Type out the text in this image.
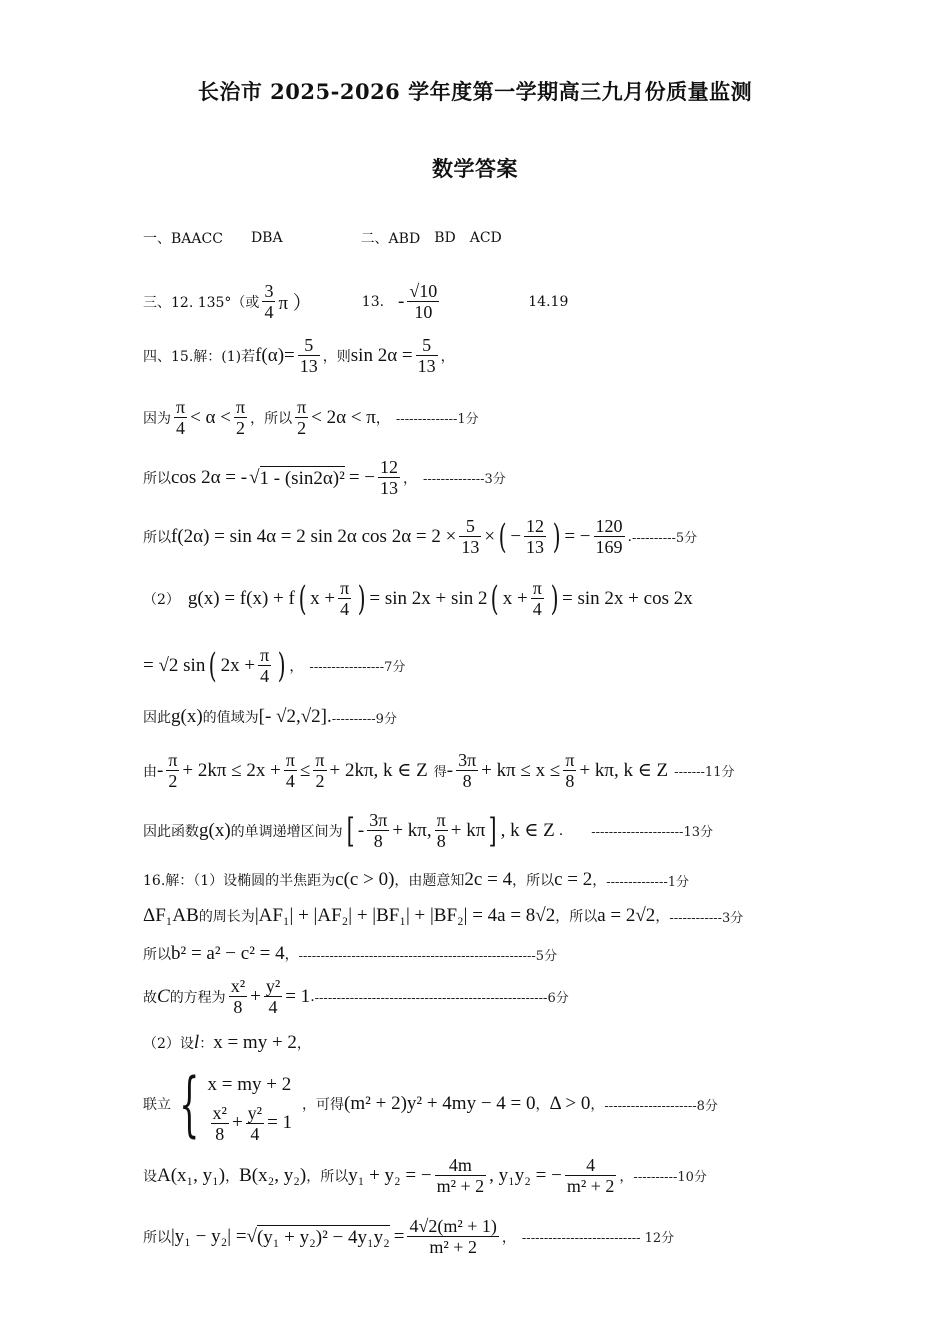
长治市 2025-2026 学年度第一学期高三九月份质量监测
数学答案
一、BAACC DBA	二、ABD BD ACD
三、12. 135°（或 $\frac{3}{4}$ π ）	13. - $\frac{√10}{10}$	14.19
四、15.解：(1)若 $f(\alpha)= \frac{5}{13}$ ，则 $\sin 2\alpha = \frac{5}{13}$ ，
因为 $\frac{\pi}{4} < \alpha < \frac{\pi}{2}$ ，所以 $\frac{\pi}{2} < 2\alpha < \pi$ ， --------------1分
所以 cos 2α = - √ 1 - (sin2α)² = − $\frac{12}{13}$ ， --------------3分
所以 f(2α) = sin 4α = 2 sin 2α $\cos 2\alpha = 2 \times \frac{5}{13}$ × ( − $\frac{12}{13}$ ) = − $\frac{120}{169}$ . ----------5分
（2） g(x) = f(x) + f ( $x + \frac{\pi}{4}$ ) = sin 2x + sin 2 ( $x + \frac{\pi}{4}$ ) = sin 2x + cos 2x
= √2 sin ( $2x + \frac{\pi}{4}$ ) ， -----------------7分
因此 g(x) 的值域为 [- √2,√2]. ----------9分
由 - $\frac{\pi}{2} + 2k\pi \le 2x + \frac{\pi}{4} \le \frac{\pi}{2} + 2k\pi$, k ∈ Z 得 - $\frac{3\pi}{8} + k\pi \le x \le \frac{\pi}{8} + k\pi$, k ∈ Z -------11分
因此函数 g(x) 的单调递增区间为 [ - $\frac{3\pi}{8} + k\pi$, $\frac{\pi}{8} + k\pi$ ] , k ∈ Z . ---------------------13分
16.解：（1）设椭圆的半焦距为 c(c > 0) ，由题意知 2c = 4 ，所以 c = 2 ， --------------1分
ΔF₁AB 的周长为 |AF₁| + |AF₂| + |BF₁| + |BF₂| = 4a = 8√2 ，所以 a = 2√2 ， ------------3分
所以 b² = a² − c² = 4 ， ------------------------------------------------------5分
故 C 的方程为 $\frac{\text{x²}}{8} + \frac{\text{y²}}{4} = 1$ . -----------------------------------------------------6分
（2）设 l ： x = my + 2 ，
联立 { x = my + 2
$\frac{\text{x²}}{8} + \frac{\text{y²}}{4} = 1$
，可得 (m² + 2)y² + 4my − 4 = 0 ， Δ > 0 ， ---------------------8分
设 A(x₁, y₁) ， B(x₂, y₂) ，所以 y₁ + y₂ = − $\frac{4m}{\text{m² + 2}}$ , y₁y₂ = − $\frac{4}{\text{m² + 2}}$ ， ----------10分
所以 |y₁ − y₂| = √ $(y_1 + y_2)^2 - 4y_1y_2 = \frac{\text{4√2(m² + 1)}}{\text{m² + 2}}$ ， --------------------------- 12分
